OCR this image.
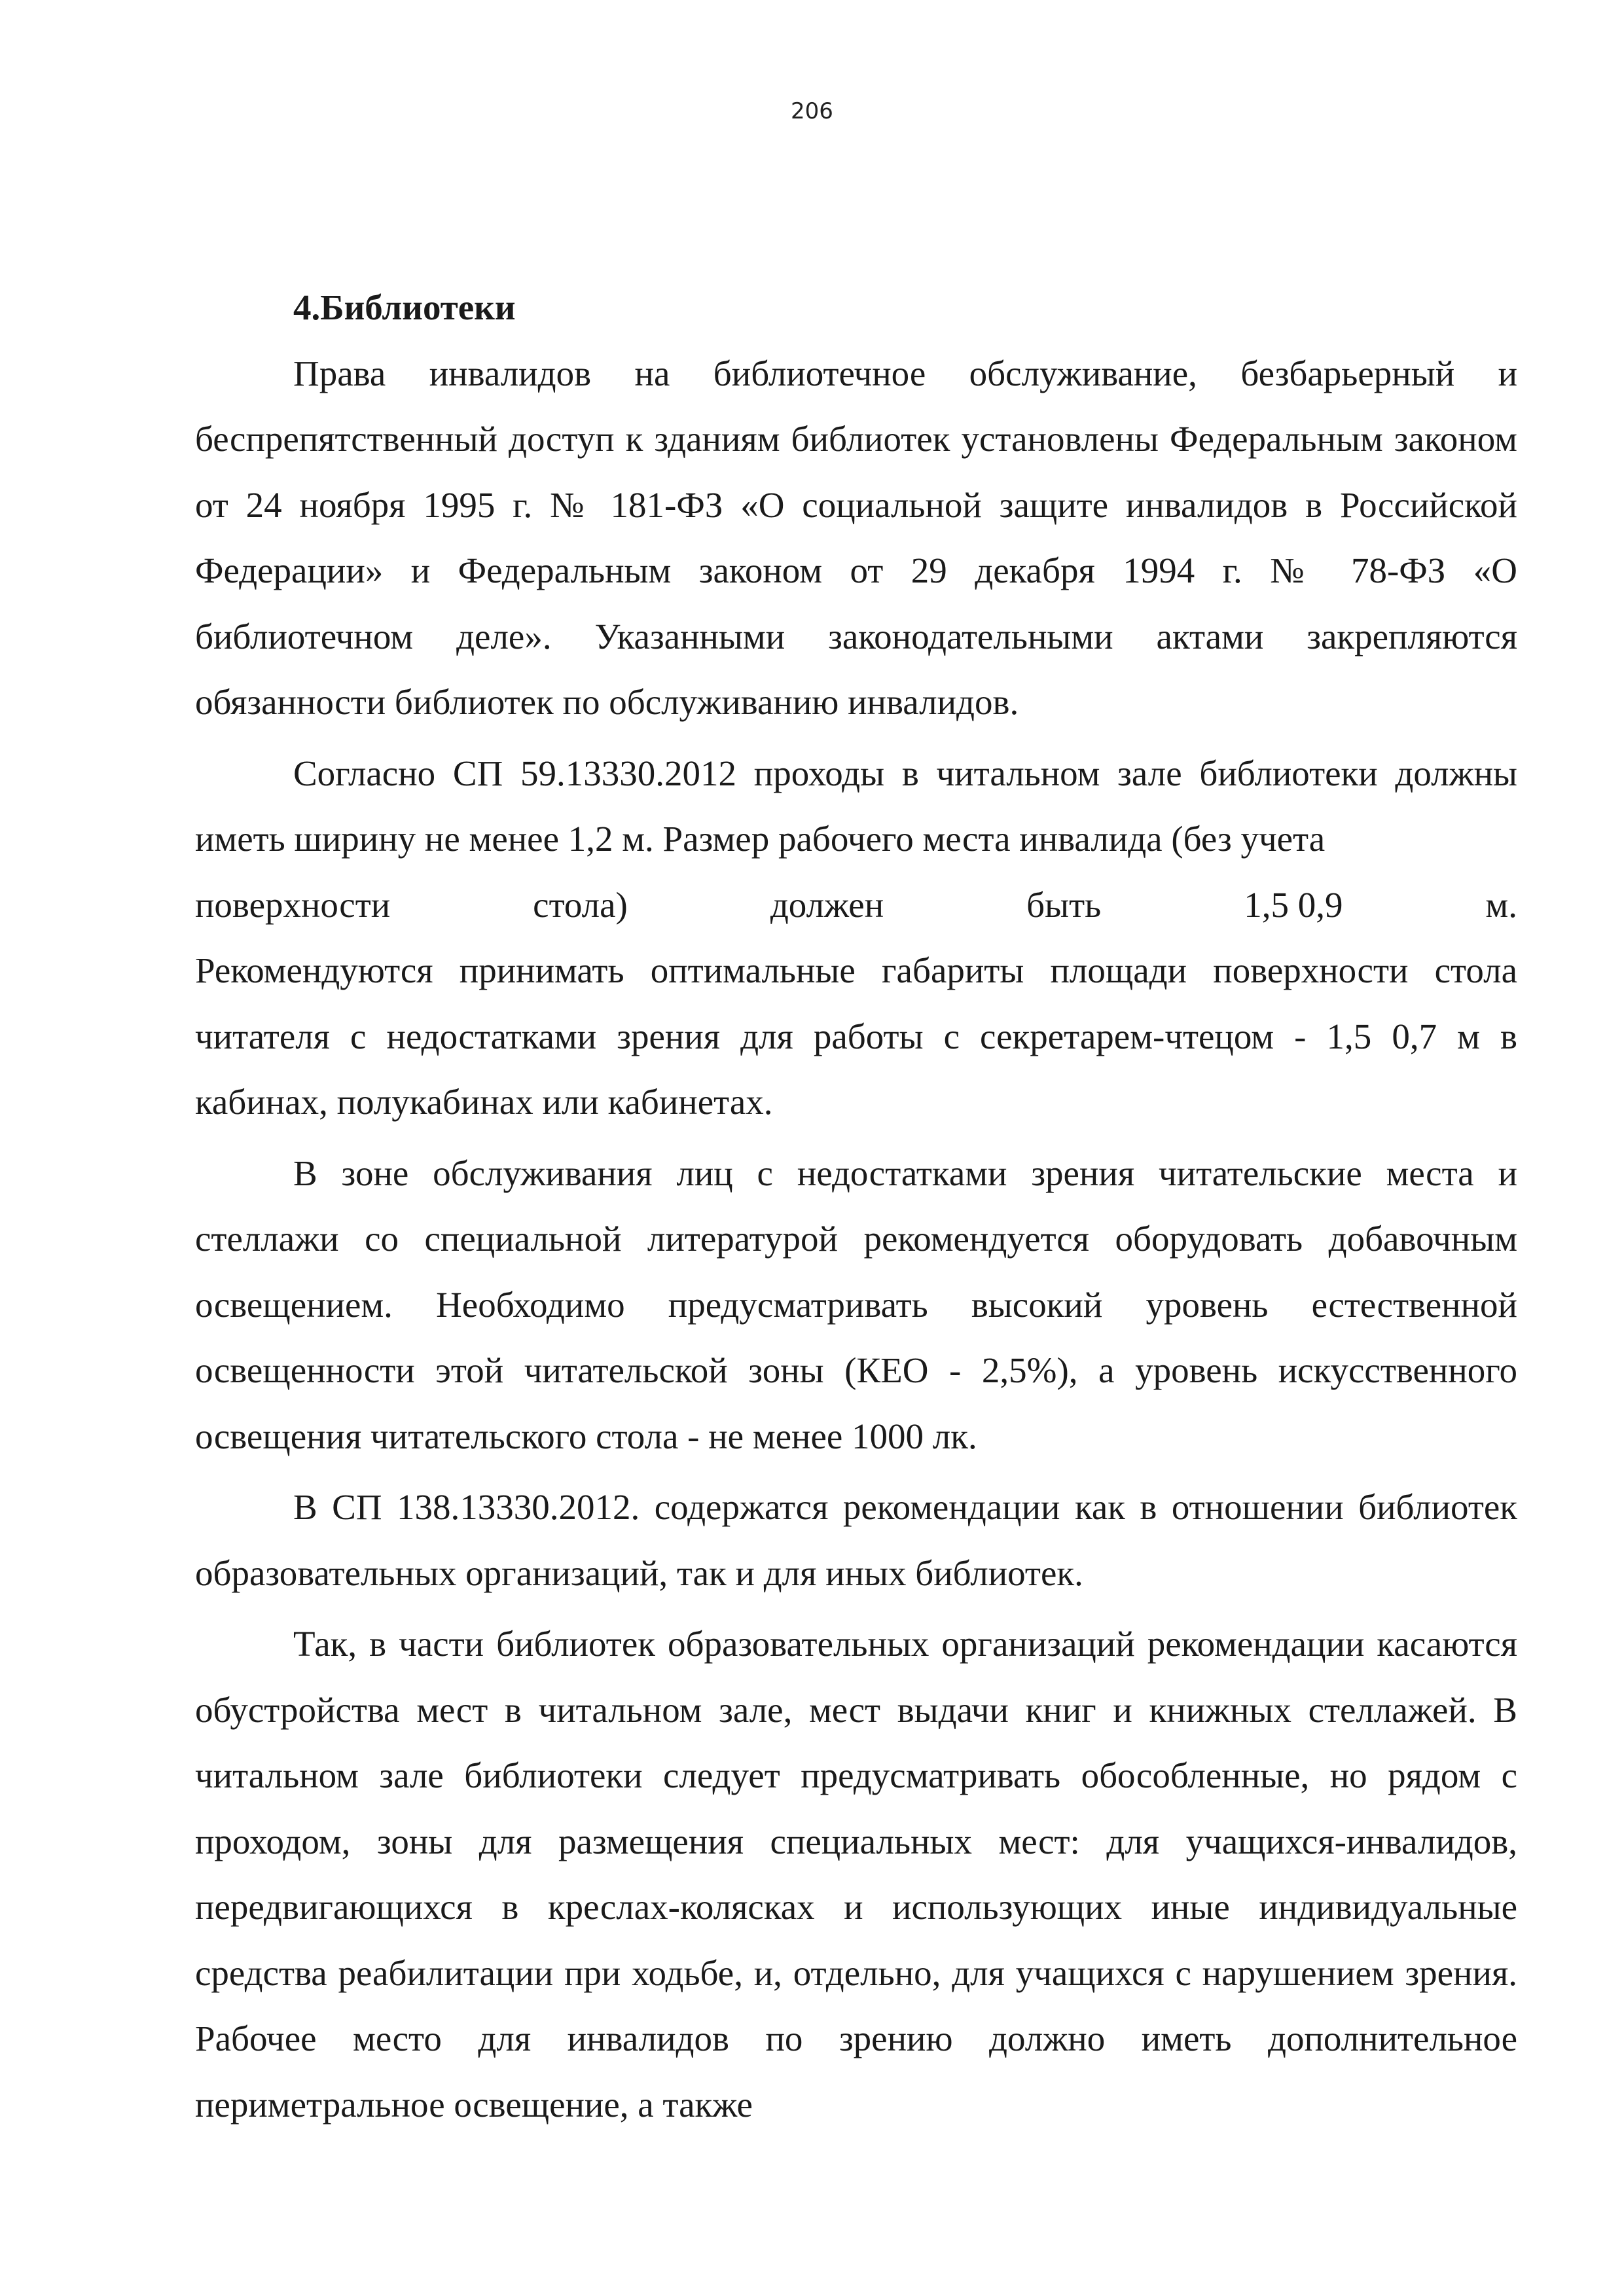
206
4.Библиотеки

Права инвалидов на библиотечное обслуживание, безбарьерный и беспрепятственный доступ к зданиям библиотек установлены Федеральным законом от 24 ноября 1995 г. № 181-ФЗ «О социальной защите инвалидов в Российской Федерации» и Федеральным законом от 29 декабря 1994 г. № 78-ФЗ «О библиотечном деле». Указанными законодательными актами закрепляются обязанности библиотек по обслуживанию инвалидов.

Согласно СП 59.13330.2012 проходы в читальном зале библиотеки должны иметь ширину не менее 1,2 м. Размер рабочего места инвалида (без учета

поверхности	стола)	должен	быть	1,5 0,9	м.

Рекомендуются принимать оптимальные габариты площади поверхности стола читателя с недостатками зрения для работы с секретарем-чтецом - 1,5 0,7 м в кабинах, полукабинах или кабинетах.

В зоне обслуживания лиц с недостатками зрения читательские места и стеллажи со специальной литературой рекомендуется оборудовать добавочным освещением. Необходимо предусматривать высокий уровень естественной освещенности этой читательской зоны (КЕО - 2,5%), а уровень искусственного освещения читательского стола - не менее 1000 лк.

В СП 138.13330.2012. содержатся рекомендации как в отношении библиотек образовательных организаций, так и для иных библиотек.

Так, в части библиотек образовательных организаций рекомендации касаются обустройства мест в читальном зале, мест выдачи книг и книжных стеллажей. В читальном зале библиотеки следует предусматривать обособленные, но рядом с проходом, зоны для размещения специальных мест: для учащихся-инвалидов, передвигающихся в креслах-колясках и использующих иные индивидуальные средства реабилитации при ходьбе, и, отдельно, для учащихся с нарушением зрения. Рабочее место для инвалидов по зрению должно иметь дополнительное периметральное освещение, а также
